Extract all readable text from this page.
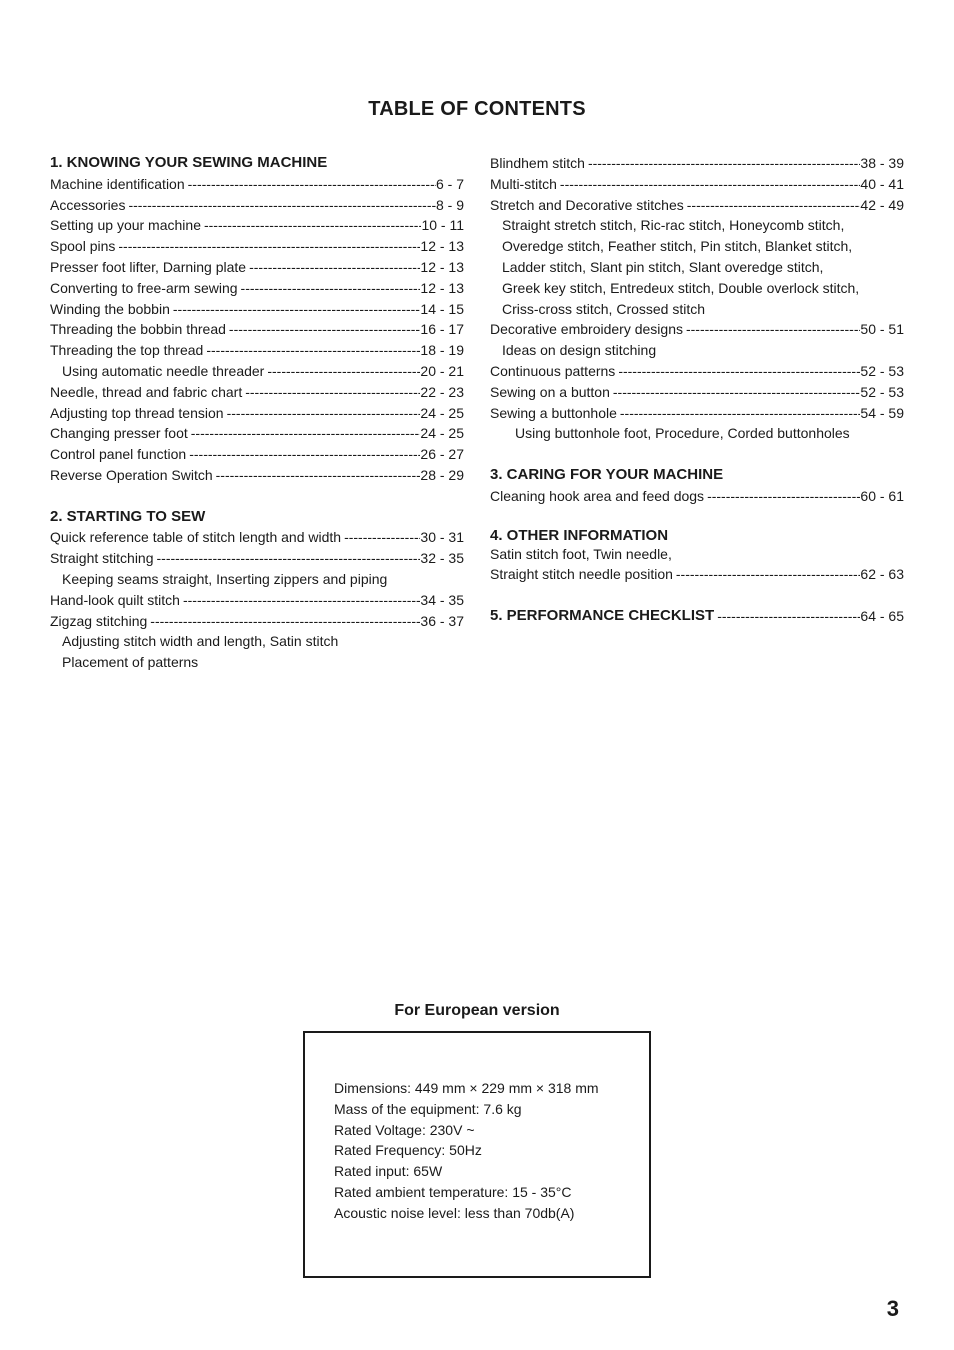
TABLE OF CONTENTS
1. KNOWING YOUR SEWING MACHINE
Machine identification -----	6 - 7
Accessories -----	8 - 9
Setting up your machine -----	10 - 11
Spool pins -----	12 - 13
Presser foot lifter, Darning plate -----	12 - 13
Converting to free-arm sewing -----	12 - 13
Winding the bobbin -----	14 - 15
Threading the bobbin thread -----	16 - 17
Threading the top thread -----	18 - 19
Using automatic needle threader -----	20 - 21
Needle, thread and fabric chart -----	22 - 23
Adjusting top thread tension -----	24 - 25
Changing presser foot -----	24 - 25
Control panel function -----	26 - 27
Reverse Operation Switch -----	28 - 29
2. STARTING TO SEW
Quick reference table of stitch length and width -----	30 - 31
Straight stitching -----	32 - 35
Keeping seams straight, Inserting zippers and piping
Hand-look quilt stitch -----	34 - 35
Zigzag stitching -----	36 - 37
Adjusting stitch width and length, Satin stitch
Placement of patterns
Blindhem stitch -----	38 - 39
Multi-stitch -----	40 - 41
Stretch and Decorative stitches -----	42 - 49
Straight stretch stitch, Ric-rac stitch, Honeycomb stitch,
Overedge stitch, Feather stitch, Pin stitch, Blanket stitch,
Ladder stitch, Slant pin stitch, Slant overedge stitch,
Greek key stitch, Entredeux stitch, Double overlock stitch,
Criss-cross stitch, Crossed stitch
Decorative embroidery designs -----	50 - 51
Ideas on design stitching
Continuous patterns -----	52 - 53
Sewing on a button -----	52 - 53
Sewing a buttonhole -----	54 - 59
Using buttonhole foot, Procedure, Corded buttonholes
3. CARING FOR YOUR MACHINE
Cleaning hook area and feed dogs -----	60 - 61
4. OTHER INFORMATION
Satin stitch foot, Twin needle,
Straight stitch needle position -----	62 - 63
5. PERFORMANCE CHECKLIST -----	64 - 65
For European version
Dimensions: 449 mm × 229 mm × 318 mm
Mass of the equipment: 7.6 kg
Rated Voltage: 230V ~
Rated Frequency: 50Hz
Rated input: 65W
Rated ambient temperature: 15 - 35°C
Acoustic noise level: less than 70db(A)
3
